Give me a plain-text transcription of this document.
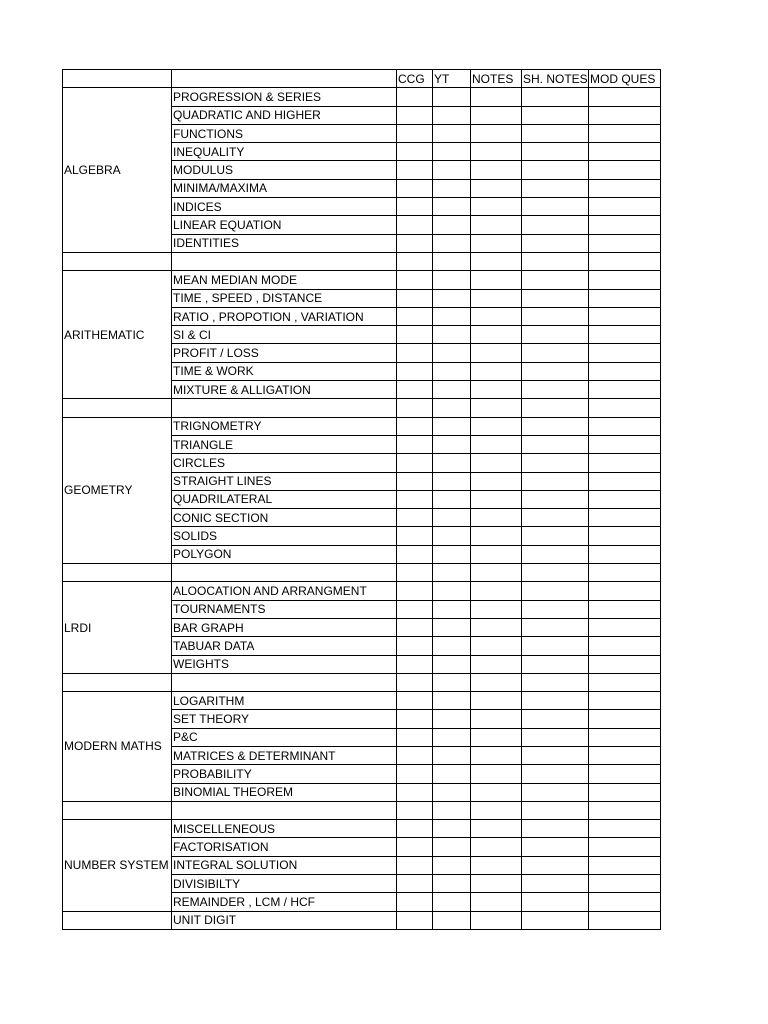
		CCG	YT	NOTES	SH. NOTES	MOD QUES
ALGEBRA	PROGRESSION & SERIES					
	QUADRATIC AND HIGHER					
	FUNCTIONS					
	INEQUALITY					
	MODULUS					
	MINIMA/MAXIMA					
	INDICES					
	LINEAR EQUATION					
	IDENTITIES					

ARITHEMATIC	MEAN MEDIAN MODE					
	TIME , SPEED , DISTANCE					
	RATIO , PROPOTION , VARIATION					
	SI & CI					
	PROFIT / LOSS					
	TIME & WORK					
	MIXTURE & ALLIGATION					

GEOMETRY	TRIGNOMETRY					
	TRIANGLE					
	CIRCLES					
	STRAIGHT LINES					
	QUADRILATERAL					
	CONIC SECTION					
	SOLIDS					
	POLYGON					

LRDI	ALOOCATION AND ARRANGMENT					
	TOURNAMENTS					
	BAR GRAPH					
	TABUAR DATA					
	WEIGHTS					

MODERN MATHS	LOGARITHM					
	SET THEORY					
	P&C					
	MATRICES & DETERMINANT					
	PROBABILITY					
	BINOMIAL THEOREM					

NUMBER SYSTEM	MISCELLENEOUS					
	FACTORISATION					
	INTEGRAL SOLUTION					
	DIVISIBILTY					
	REMAINDER , LCM / HCF					
	UNIT DIGIT					
